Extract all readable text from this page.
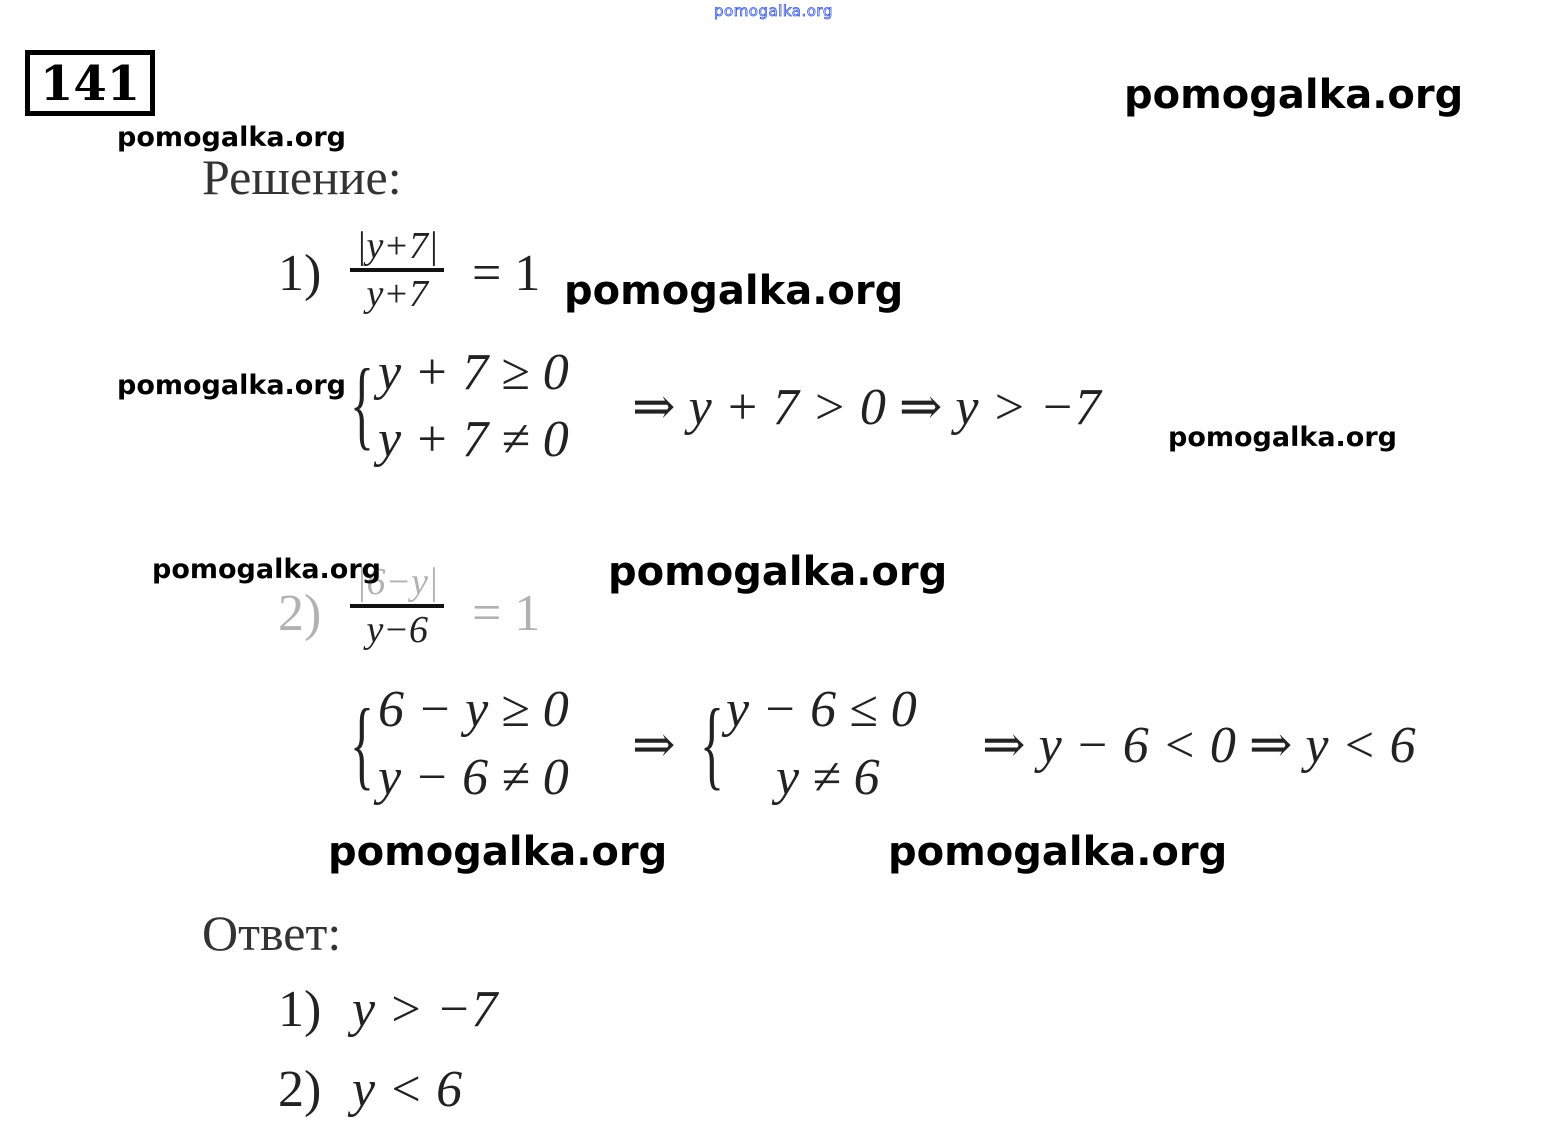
pomogalka.org
141	pomogalka.org
pomogalka.org
Решение:
1) |y+7|
y+7 = 1 pomogalka.org
pomogalka.org { y + 7 ≥ 0
y + 7 ≠ 0
⇒ y + 7 > 0 ⇒ y > −7
pomogalka.org
pomogalka.org	pomogalka.org
2)
|6−y|
y−6 = 1
{ 6 − y ≥ 0
y − 6 ≠ 0
⇒ { y − 6 ≤ 0
y ≠ 6
⇒ y − 6 < 0 ⇒ y < 6
pomogalka.org	pomogalka.org
Ответ:
1) y > −7
2) y < 6
